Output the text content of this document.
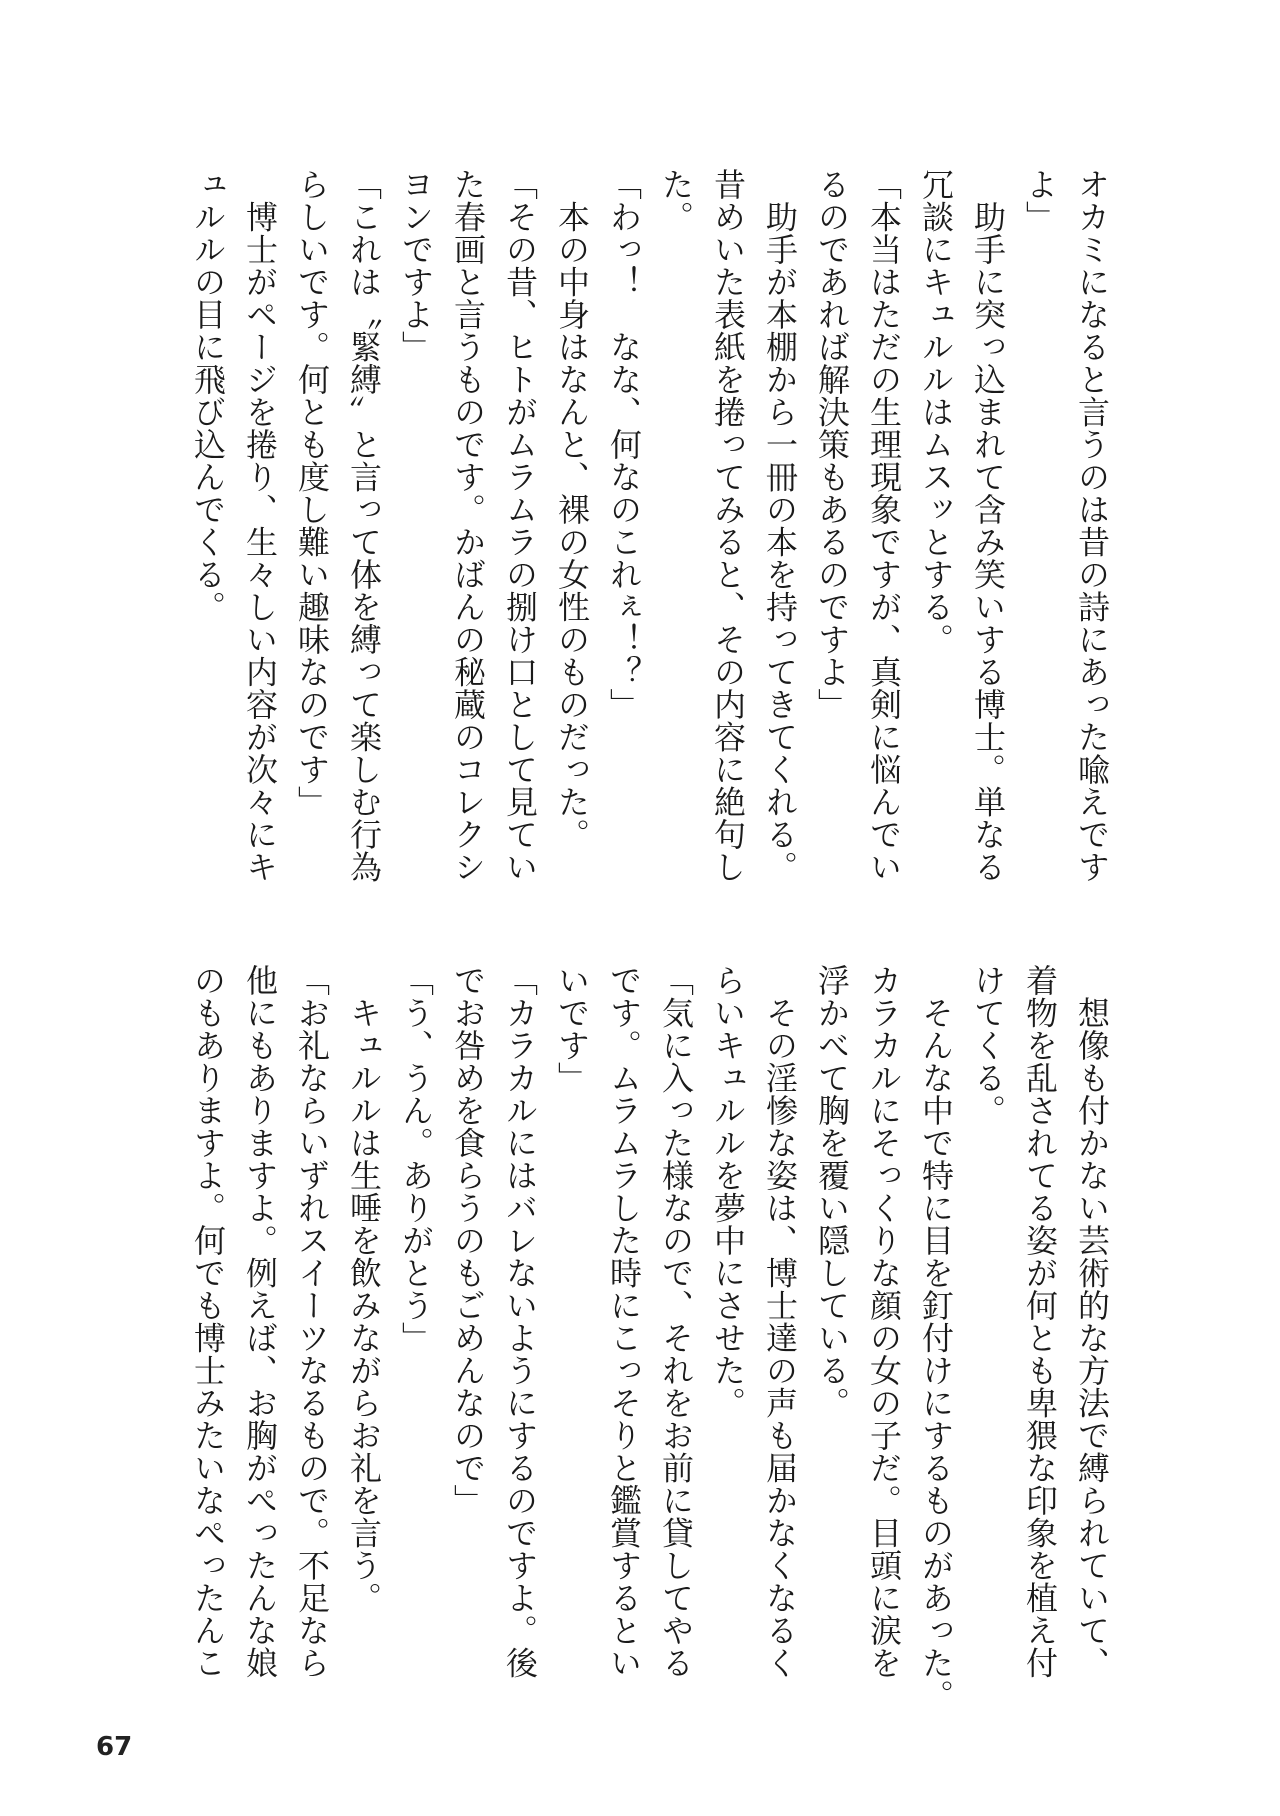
オカミになると言うのは昔の詩にあった喩えです
よ」
　助手に突っ込まれて含み笑いする博士。単なる
冗談にキュルルはムスッとする。
「本当はただの生理現象ですが、真剣に悩んでい
るのであれば解決策もあるのですよ」
　助手が本棚から一冊の本を持ってきてくれる。
昔めいた表紙を捲ってみると、その内容に絶句し
た。
「わっ！　なな、何なのこれぇ！？」
　本の中身はなんと、裸の女性のものだった。
「その昔、ヒトがムラムラの捌け口として見てい
た春画と言うものです。かばんの秘蔵のコレクシ
ヨンですよ」
「これは〝緊縛〟と言って体を縛って楽しむ行為
らしいです。何とも度し難い趣味なのです」
　博士がページを捲り、生々しい内容が次々にキ
ュルルの目に飛び込んでくる。
　想像も付かない芸術的な方法で縛られていて、
着物を乱されてる姿が何とも卑猥な印象を植え付
けてくる。
　そんな中で特に目を釘付けにするものがあった。
カラカルにそっくりな顔の女の子だ。目頭に涙を
浮かべて胸を覆い隠している。
　その淫惨な姿は、博士達の声も届かなくなるく
らいキュルルを夢中にさせた。
「気に入った様なので、それをお前に貸してやる
です。ムラムラした時にこっそりと鑑賞するとい
いです」
「カラカルにはバレないようにするのですよ。後
でお咎めを食らうのもごめんなので」
「う、うん。ありがとう」
　キュルルは生唾を飲みながらお礼を言う。
「お礼ならいずれスイーツなるもので。不足なら
他にもありますよ。例えば、お胸がぺったんな娘
のもありますよ。何でも博士みたいなぺったんこ
67
